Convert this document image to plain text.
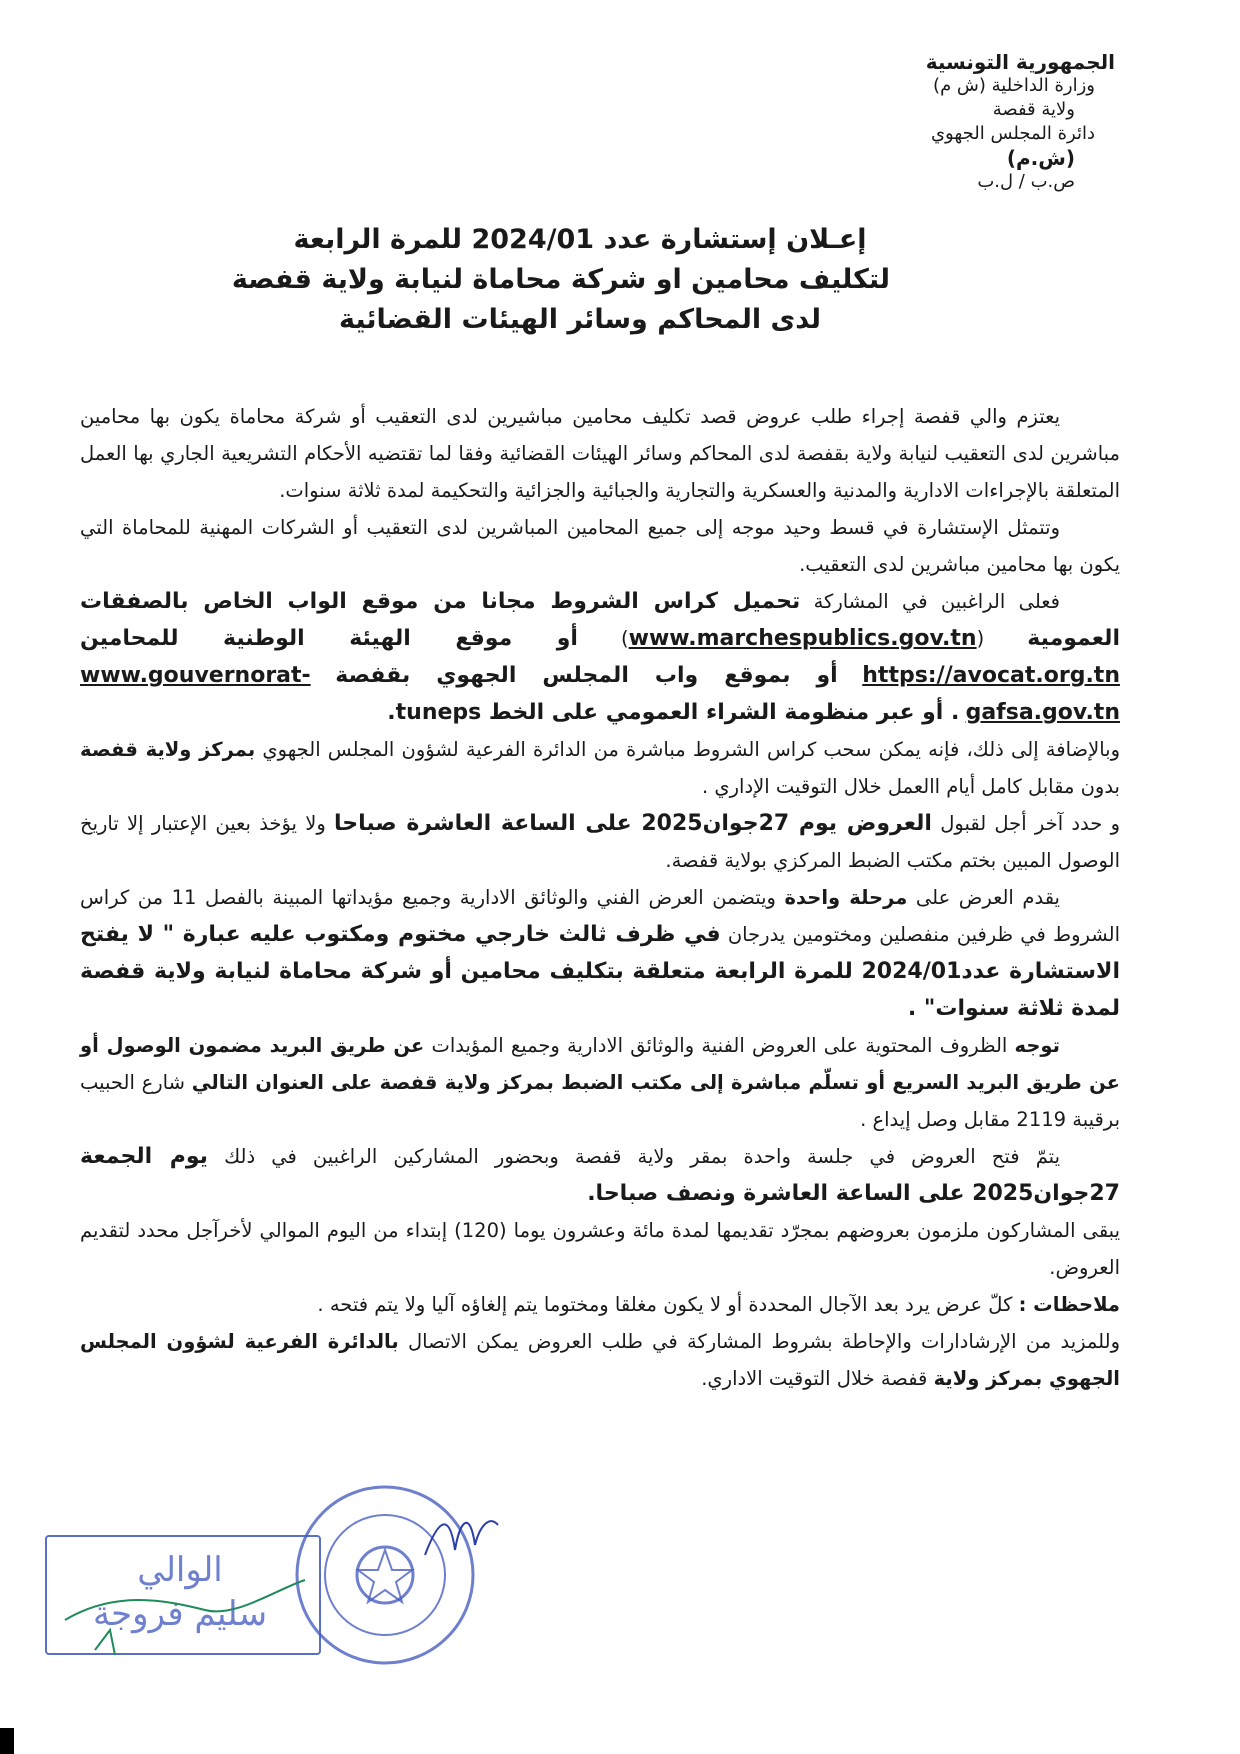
الجمهورية التونسية
وزارة الداخلية (ش م)
ولاية قفصة
دائرة المجلس الجهوي
(ش.م)
ص.ب / ل.ب
إعـلان إستشارة عدد 2024/01 للمرة الرابعة
لتكليف محامين او شركة محاماة لنيابة ولاية قفصة
لدى المحاكم وسائر الهيئات القضائية

يعتزم والي قفصة إجراء طلب عروض قصد تكليف محامين مباشيرين لدى التعقيب أو شركة محاماة يكون بها محامين مباشرين لدى التعقيب لنيابة ولاية بقفصة لدى المحاكم وسائر الهيئات القضائية وفقا لما تقتضيه الأحكام التشريعية الجاري بها العمل المتعلقة بالإجراءات الادارية والمدنية والعسكرية والتجارية والجبائية والجزائية والتحكيمة لمدة ثلاثة سنوات.

وتتمثل الإستشارة في قسط وحيد موجه إلى جميع المحامين المباشرين لدى التعقيب أو الشركات المهنية للمحاماة التي يكون بها محامين مباشرين لدى التعقيب.

فعلى الراغبين في المشاركة تحميل كراس الشروط مجانا من موقع الواب الخاص بالصفقات العمومية (www.marchespublics.gov.tn) أو موقع الهيئة الوطنية للمحامين https://avocat.org.tn أو بموقع واب المجلس الجهوي بقفصة www.gouvernorat-gafsa.gov.tn . أو عبر منظومة الشراء العمومي على الخط tuneps.

وبالإضافة إلى ذلك، فإنه يمكن سحب كراس الشروط مباشرة من الدائرة الفرعية لشؤون المجلس الجهوي بمركز ولاية قفصة بدون مقابل كامل أيام االعمل خلال التوقيت الإداري .

و حدد آخر أجل لقبول العروض يوم 27جوان2025 على الساعة العاشرة صباحا ولا يؤخذ بعين الإعتبار إلا تاريخ الوصول المبين بختم مكتب الضبط المركزي بولاية قفصة.

يقدم العرض على مرحلة واحدة ويتضمن العرض الفني والوثائق الادارية وجميع مؤيداتها المبينة بالفصل 11 من كراس الشروط في ظرفين منفصلين ومختومين يدرجان في ظرف ثالث خارجي مختوم ومكتوب عليه عبارة " لا يفتح الاستشارة عدد2024/01 للمرة الرابعة متعلقة بتكليف محامين أو شركة محاماة لنيابة ولاية قفصة لمدة ثلاثة سنوات" .

توجه الظروف المحتوية على العروض الفنية والوثائق الادارية وجميع المؤيدات عن طريق البريد مضمون الوصول أو عن طريق البريد السريع أو تسلّم مباشرة إلى مكتب الضبط بمركز ولاية قفصة على العنوان التالي شارع الحبيب برقيبة 2119 مقابل وصل إيداع .

يتمّ فتح العروض في جلسة واحدة بمقر ولاية قفصة وبحضور المشاركين الراغبين في ذلك يوم الجمعة 27جوان2025 على الساعة العاشرة ونصف صباحا.

يبقى المشاركون ملزمون بعروضهم بمجرّد تقديمها لمدة مائة وعشرون يوما (120) إبتداء من اليوم الموالي لأخرآجل محدد لتقديم العروض.

ملاحظات : كلّ عرض يرد بعد الآجال المحددة أو لا يكون مغلقا ومختوما يتم إلغاؤه آليا ولا يتم فتحه .

وللمزيد من الإرشادارات والإحاطة بشروط المشاركة في طلب العروض يمكن الاتصال بالدائرة الفرعية لشؤون المجلس الجهوي بمركز ولاية قفصة خلال التوقيت الاداري.

الوالي
سليم فروجة
